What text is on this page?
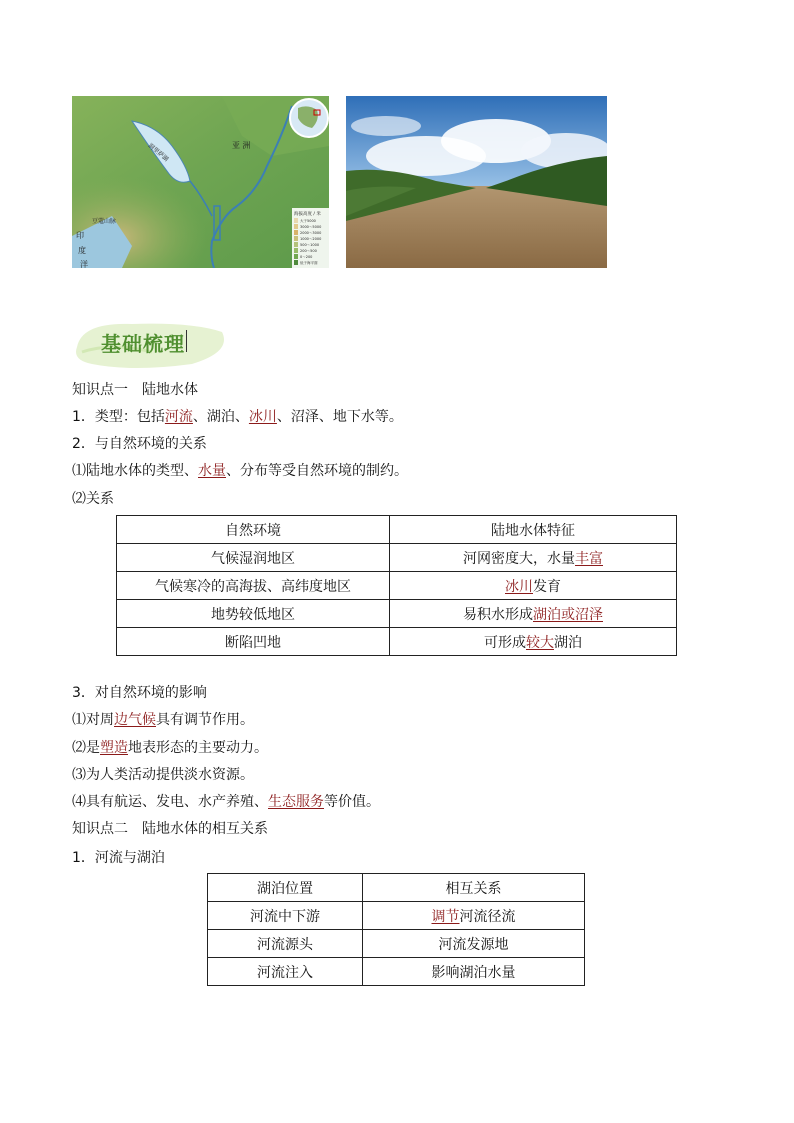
亚 洲
豆蔻山脉
印
度
洋
洞里萨湖
海拔高度 / 米
大于5000
3000～5000
2000～3000
1000～2000
500～1000
200～500
0～200
低于海平面
基础梳理
知识点一　陆地水体
1．类型：包括河流、湖泊、冰川、沼泽、地下水等。
2．与自然环境的关系
⑴陆地水体的类型、水量、分布等受自然环境的制约。
⑵关系
自然环境	陆地水体特征
气候湿润地区	河网密度大，水量丰富
气候寒冷的高海拔、高纬度地区	冰川发育
地势较低地区	易积水形成湖泊或沼泽
断陷凹地	可形成较大湖泊
3．对自然环境的影响
⑴对周边气候具有调节作用。
⑵是塑造地表形态的主要动力。
⑶为人类活动提供淡水资源。
⑷具有航运、发电、水产养殖、生态服务等价值。
知识点二　陆地水体的相互关系
1．河流与湖泊
湖泊位置	相互关系
河流中下游	调节河流径流
河流源头	河流发源地
河流注入	影响湖泊水量
